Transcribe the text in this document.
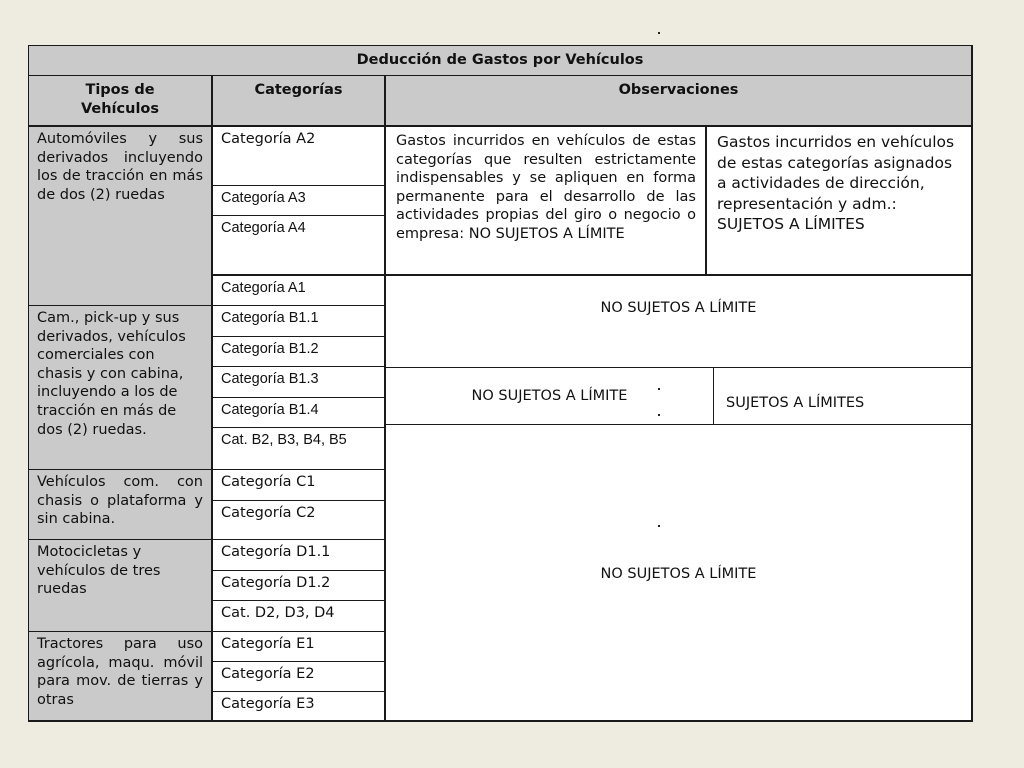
Deducción de Gastos por Vehículos
Tipos de Vehículos
Categorías	Observaciones
Automóviles y sus derivados incluyendo los de tracción en más de dos (2) ruedas
Cam., pick-up y sus derivados, vehículos comerciales con chasis y con cabina, incluyendo a los de tracción en más de dos (2) ruedas.
Vehículos com. con chasis o plataforma y sin cabina.
Motocicletas y vehículos de tres ruedas
Tractores para uso agrícola, maqu. móvil para mov. de tierras y otras
Categoría A2
Categoría A3
Categoría A4
Categoría A1
Categoría B1.1
Categoría B1.2
Categoría B1.3
Categoría B1.4
Cat. B2, B3, B4, B5
Categoría C1
Categoría C2
Categoría D1.1
Categoría D1.2
Cat. D2, D3, D4
Categoría E1
Categoría E2
Categoría E3
Gastos incurridos en vehículos de estas categorías que resulten estrictamente indispensables y se apliquen en forma permanente para el desarrollo de las actividades propias del giro o negocio o empresa: NO SUJETOS A LÍMITE
Gastos incurridos en vehículos de estas categorías asignados a actividades de dirección, representación y adm.: SUJETOS A LÍMITES
NO SUJETOS A LÍMITE
NO SUJETOS A LÍMITE	SUJETOS A LÍMITES
NO SUJETOS A LÍMITE
